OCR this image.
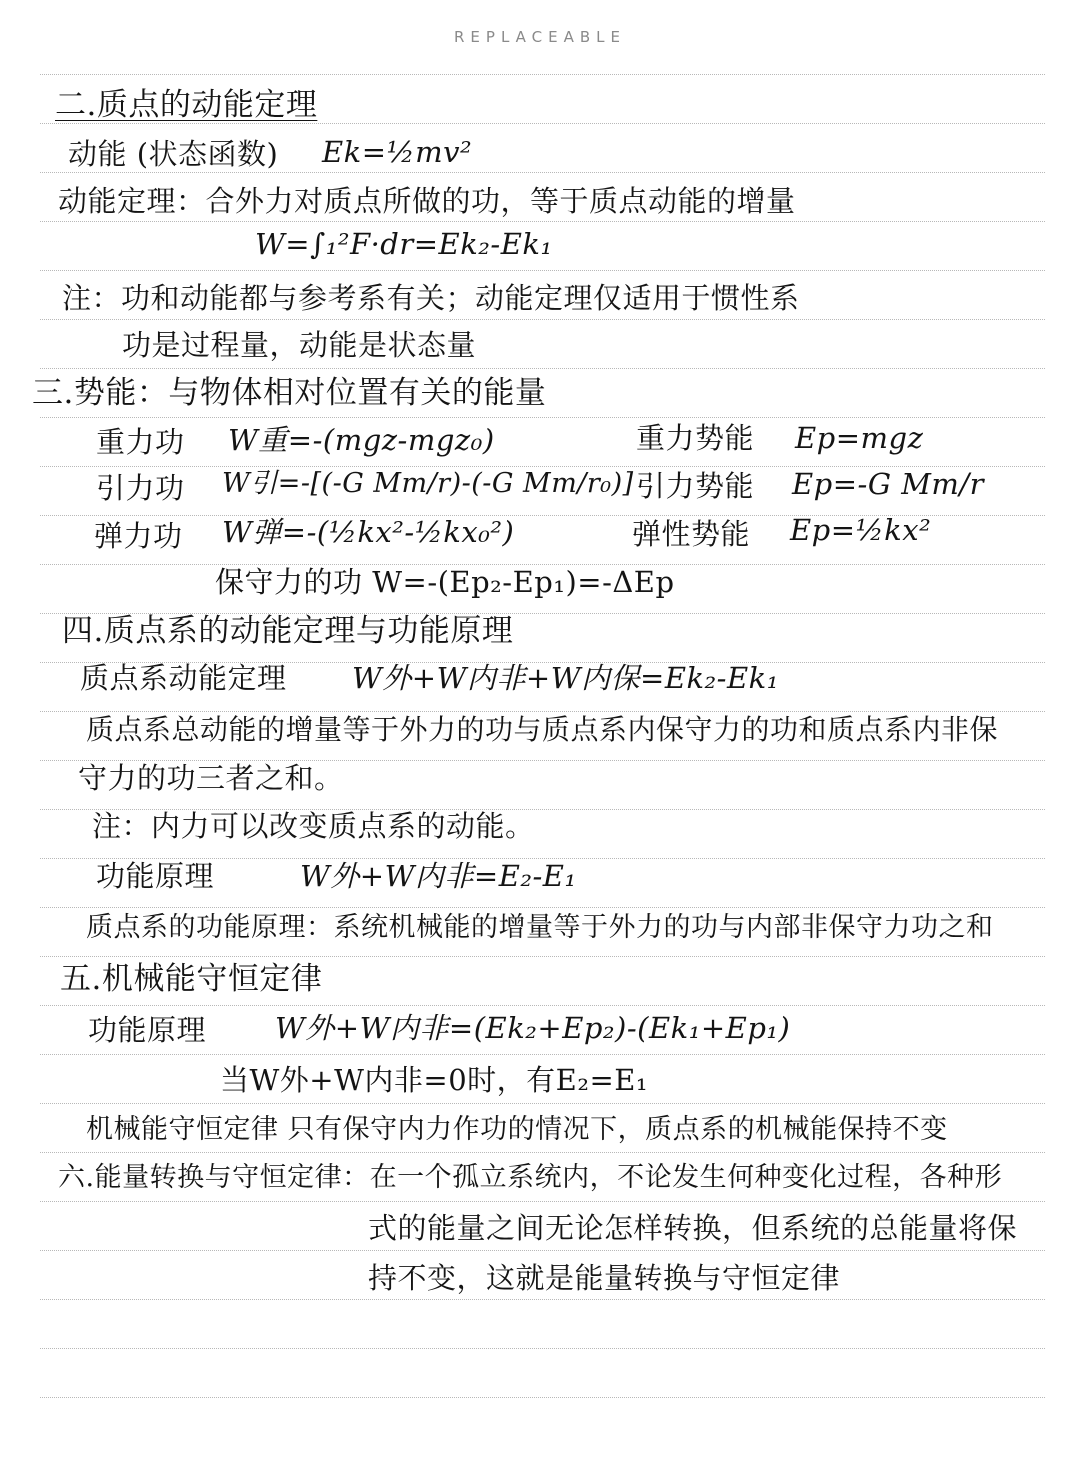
REPLACEABLE
二.质点的动能定理
动能 (状态函数) Ek=½mv²
动能定理：合外力对质点所做的功，等于质点动能的增量
W=∫₁²F·dr=Ek₂-Ek₁
注：功和动能都与参考系有关；动能定理仅适用于惯性系
功是过程量，动能是状态量
三.势能：与物体相对位置有关的能量
重力功 W重=-(mgz-mgz₀)	重力势能 Ep=mgz
引力功 W引=-[(-G Mm/r)-(-G Mm/r₀)] 引力势能 Ep=-G Mm/r
弹力功 W弹=-(½kx²-½kx₀²)	弹性势能 Ep=½kx²
保守力的功 W=-(Ep₂-Ep₁)=-ΔEp
四.质点系的动能定理与功能原理
质点系动能定理 W外+W内非+W内保=Ek₂-Ek₁
质点系总动能的增量等于外力的功与质点系内保守力的功和质点系内非保
守力的功三者之和。
注：内力可以改变质点系的动能。
功能原理	W外+W内非=E₂-E₁
质点系的功能原理：系统机械能的增量等于外力的功与内部非保守力功之和
五.机械能守恒定律
功能原理 W外+W内非=(Ek₂+Ep₂)-(Ek₁+Ep₁)
当W外+W内非=0时，有E₂=E₁
机械能守恒定律 只有保守内力作功的情况下，质点系的机械能保持不变
六.能量转换与守恒定律：在一个孤立系统内，不论发生何种变化过程，各种形
式的能量之间无论怎样转换，但系统的总能量将保
持不变，这就是能量转换与守恒定律
